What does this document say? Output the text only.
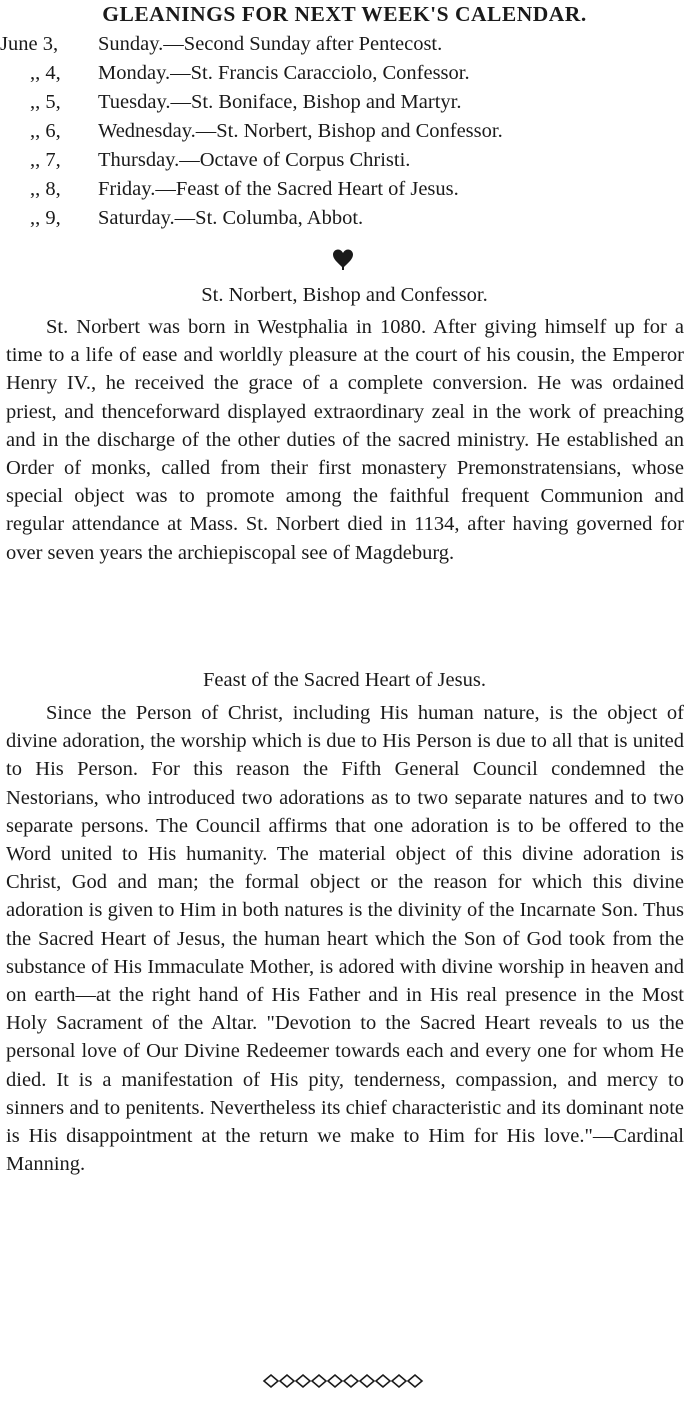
GLEANINGS FOR NEXT WEEK'S CALENDAR.
June 3, Sunday.—Second Sunday after Pentecost.
,, 4, Monday.—St. Francis Caracciolo, Confessor.
,, 5, Tuesday.—St. Boniface, Bishop and Martyr.
,, 6, Wednesday.—St. Norbert, Bishop and Confessor.
,, 7, Thursday.—Octave of Corpus Christi.
,, 8, Friday.—Feast of the Sacred Heart of Jesus.
,, 9, Saturday.—St. Columba, Abbot.
St. Norbert, Bishop and Confessor.

St. Norbert was born in Westphalia in 1080. After giving himself up for a time to a life of ease and worldly pleasure at the court of his cousin, the Emperor Henry IV., he received the grace of a complete conversion. He was ordained priest, and thenceforward displayed extraordinary zeal in the work of preaching and in the discharge of the other duties of the sacred ministry. He established an Order of monks, called from their first monastery Premonstratensians, whose special object was to promote among the faithful frequent Communion and regular attendance at Mass. St. Norbert died in 1134, after having governed for over seven years the archiepiscopal see of Magdeburg.

Feast of the Sacred Heart of Jesus.

Since the Person of Christ, including His human nature, is the object of divine adoration, the worship which is due to His Person is due to all that is united to His Person. For this reason the Fifth General Council condemned the Nestorians, who introduced two adorations as to two separate natures and to two separate persons. The Council affirms that one adoration is to be offered to the Word united to His humanity. The material object of this divine adoration is Christ, God and man; the formal object or the reason for which this divine adoration is given to Him in both natures is the divinity of the Incarnate Son. Thus the Sacred Heart of Jesus, the human heart which the Son of God took from the substance of His Immaculate Mother, is adored with divine worship in heaven and on earth—at the right hand of His Father and in His real presence in the Most Holy Sacrament of the Altar. "Devotion to the Sacred Heart reveals to us the personal love of Our Divine Redeemer towards each and every one for whom He died. It is a manifestation of His pity, tenderness, compassion, and mercy to sinners and to penitents. Nevertheless its chief characteristic and its dominant note is His disappointment at the return we make to Him for His love."—Cardinal Manning.
